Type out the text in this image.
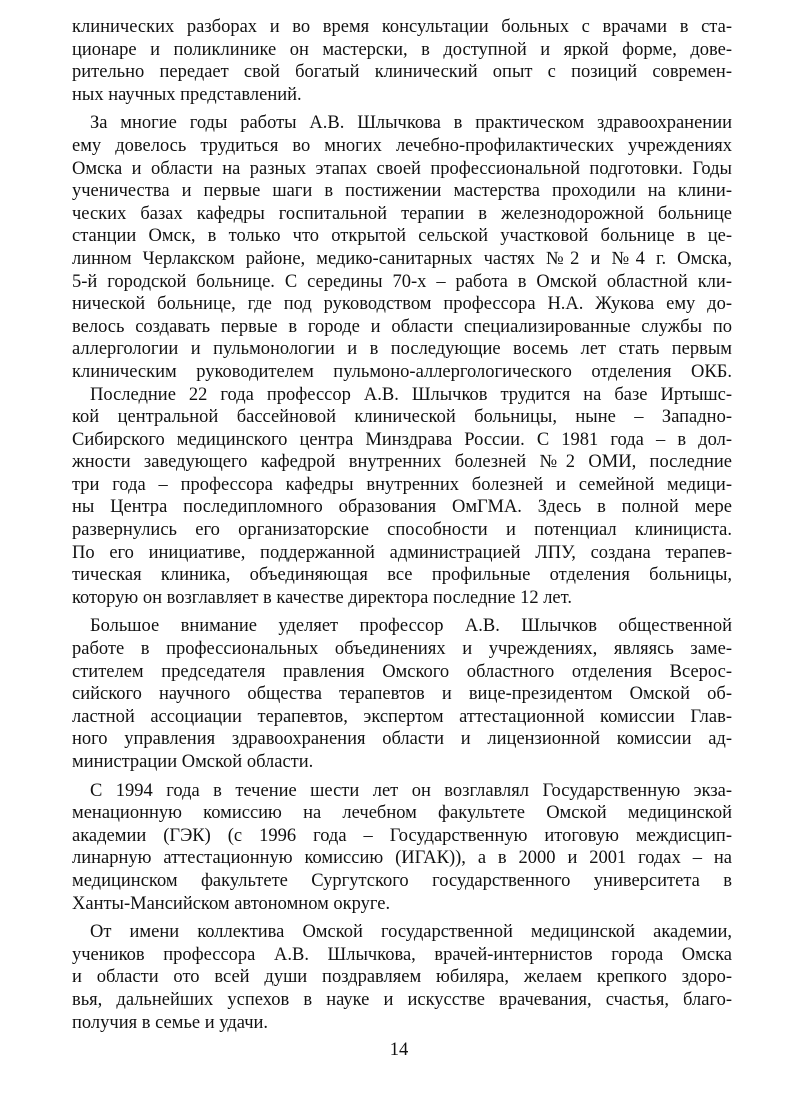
клинических разборах и во время консультации больных с врачами в ста-
ционаре и поликлинике он мастерски, в доступной и яркой форме, дове-
рительно передает свой богатый клинический опыт с позиций современ-
ных научных представлений.
За многие годы работы А.В. Шлычкова в практическом здравоохранении
ему довелось трудиться во многих лечебно-профилактических учреждениях
Омска и области на разных этапах своей профессиональной подготовки. Годы
ученичества и первые шаги в постижении мастерства проходили на клини-
ческих базах кафедры госпитальной терапии в железнодорожной больнице
станции Омск, в только что открытой сельской участковой больнице в це-
линном Черлакском районе, медико-санитарных частях №2 и №4 г. Омска,
5-й городской больнице. С середины 70-х – работа в Омской областной кли-
нической больнице, где под руководством профессора Н.А. Жукова ему до-
велось создавать первые в городе и области специализированные службы по
аллергологии и пульмонологии и в последующие восемь лет стать первым
клиническим руководителем пульмоно-аллергологического отделения ОКБ.
Последние 22 года профессор А.В. Шлычков трудится на базе Иртышс-
кой центральной бассейновой клинической больницы, ныне – Западно-
Сибирского медицинского центра Минздрава России. С 1981 года – в дол-
жности заведующего кафедрой внутренних болезней №2 ОМИ, последние
три года – профессора кафедры внутренних болезней и семейной медици-
ны Центра последипломного образования ОмГМА. Здесь в полной мере
развернулись его организаторские способности и потенциал клинициста.
По его инициативе, поддержанной администрацией ЛПУ, создана терапев-
тическая клиника, объединяющая все профильные отделения больницы,
которую он возглавляет в качестве директора последние 12 лет.
Большое внимание уделяет профессор А.В. Шлычков общественной
работе в профессиональных объединениях и учреждениях, являясь заме-
стителем председателя правления Омского областного отделения Всерос-
сийского научного общества терапевтов и вице-президентом Омской об-
ластной ассоциации терапевтов, экспертом аттестационной комиссии Глав-
ного управления здравоохранения области и лицензионной комиссии ад-
министрации Омской области.
С 1994 года в течение шести лет он возглавлял Государственную экза-
менационную комиссию на лечебном факультете Омской медицинской
академии (ГЭК) (с 1996 года – Государственную итоговую междисцип-
линарную аттестационную комиссию (ИГАК)), а в 2000 и 2001 годах – на
медицинском факультете Сургутского государственного университета в
Ханты-Мансийском автономном округе.
От имени коллектива Омской государственной медицинской академии,
учеников профессора А.В. Шлычкова, врачей-интернистов города Омска
и области ото всей души поздравляем юбиляра, желаем крепкого здоро-
вья, дальнейших успехов в науке и искусстве врачевания, счастья, благо-
получия в семье и удачи.
14
